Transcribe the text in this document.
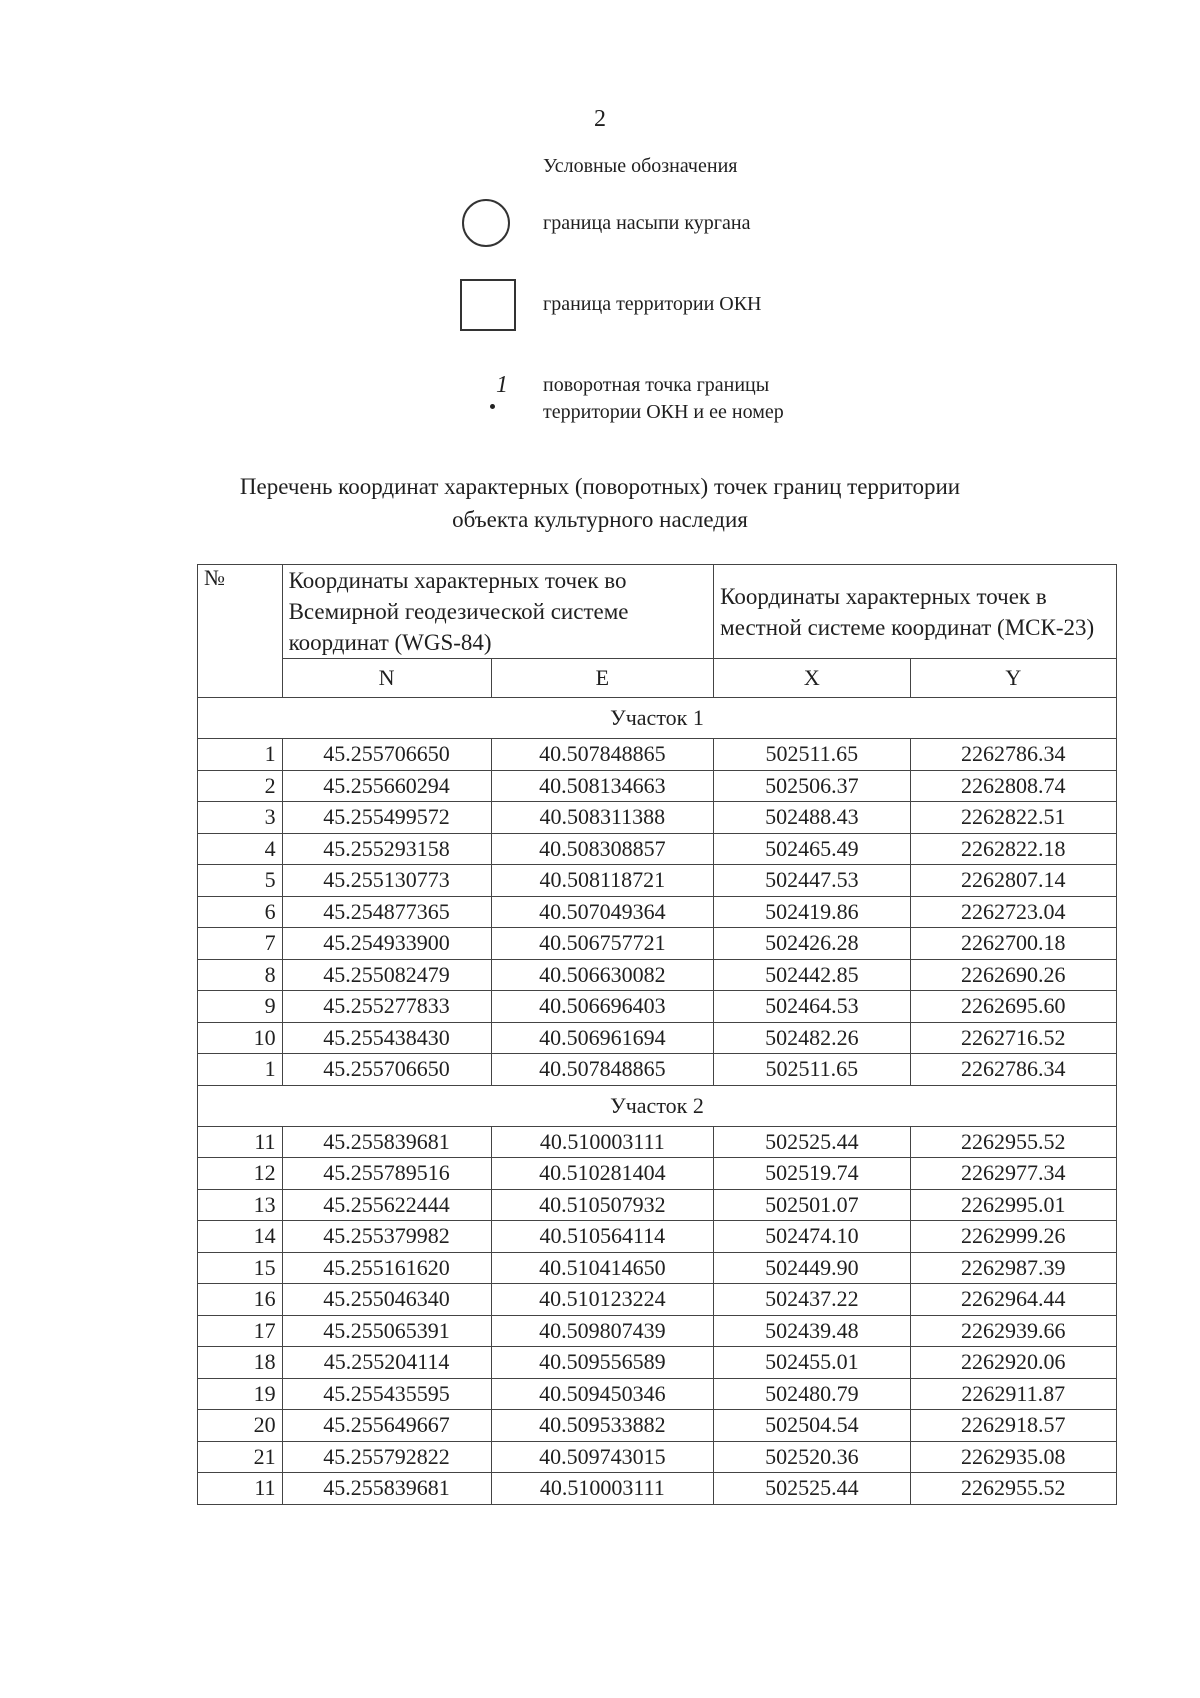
2
Условные обозначения
граница насыпи кургана
граница территории ОКН
1 поворотная точка границы
территории ОКН и ее номер
Перечень координат характерных (поворотных) точек границ территории
объекта культурного наследия
№	Координаты характерных точек во Всемирной геодезической системе координат (WGS-84)		Координаты характерных точек в местной системе координат (МСК-23)	
	N	E	X	Y
Участок 1				
1	45.255706650	40.507848865	502511.65	2262786.34
2	45.255660294	40.508134663	502506.37	2262808.74
3	45.255499572	40.508311388	502488.43	2262822.51
4	45.255293158	40.508308857	502465.49	2262822.18
5	45.255130773	40.508118721	502447.53	2262807.14
6	45.254877365	40.507049364	502419.86	2262723.04
7	45.254933900	40.506757721	502426.28	2262700.18
8	45.255082479	40.506630082	502442.85	2262690.26
9	45.255277833	40.506696403	502464.53	2262695.60
10	45.255438430	40.506961694	502482.26	2262716.52
1	45.255706650	40.507848865	502511.65	2262786.34
Участок 2				
11	45.255839681	40.510003111	502525.44	2262955.52
12	45.255789516	40.510281404	502519.74	2262977.34
13	45.255622444	40.510507932	502501.07	2262995.01
14	45.255379982	40.510564114	502474.10	2262999.26
15	45.255161620	40.510414650	502449.90	2262987.39
16	45.255046340	40.510123224	502437.22	2262964.44
17	45.255065391	40.509807439	502439.48	2262939.66
18	45.255204114	40.509556589	502455.01	2262920.06
19	45.255435595	40.509450346	502480.79	2262911.87
20	45.255649667	40.509533882	502504.54	2262918.57
21	45.255792822	40.509743015	502520.36	2262935.08
11	45.255839681	40.510003111	502525.44	2262955.52
